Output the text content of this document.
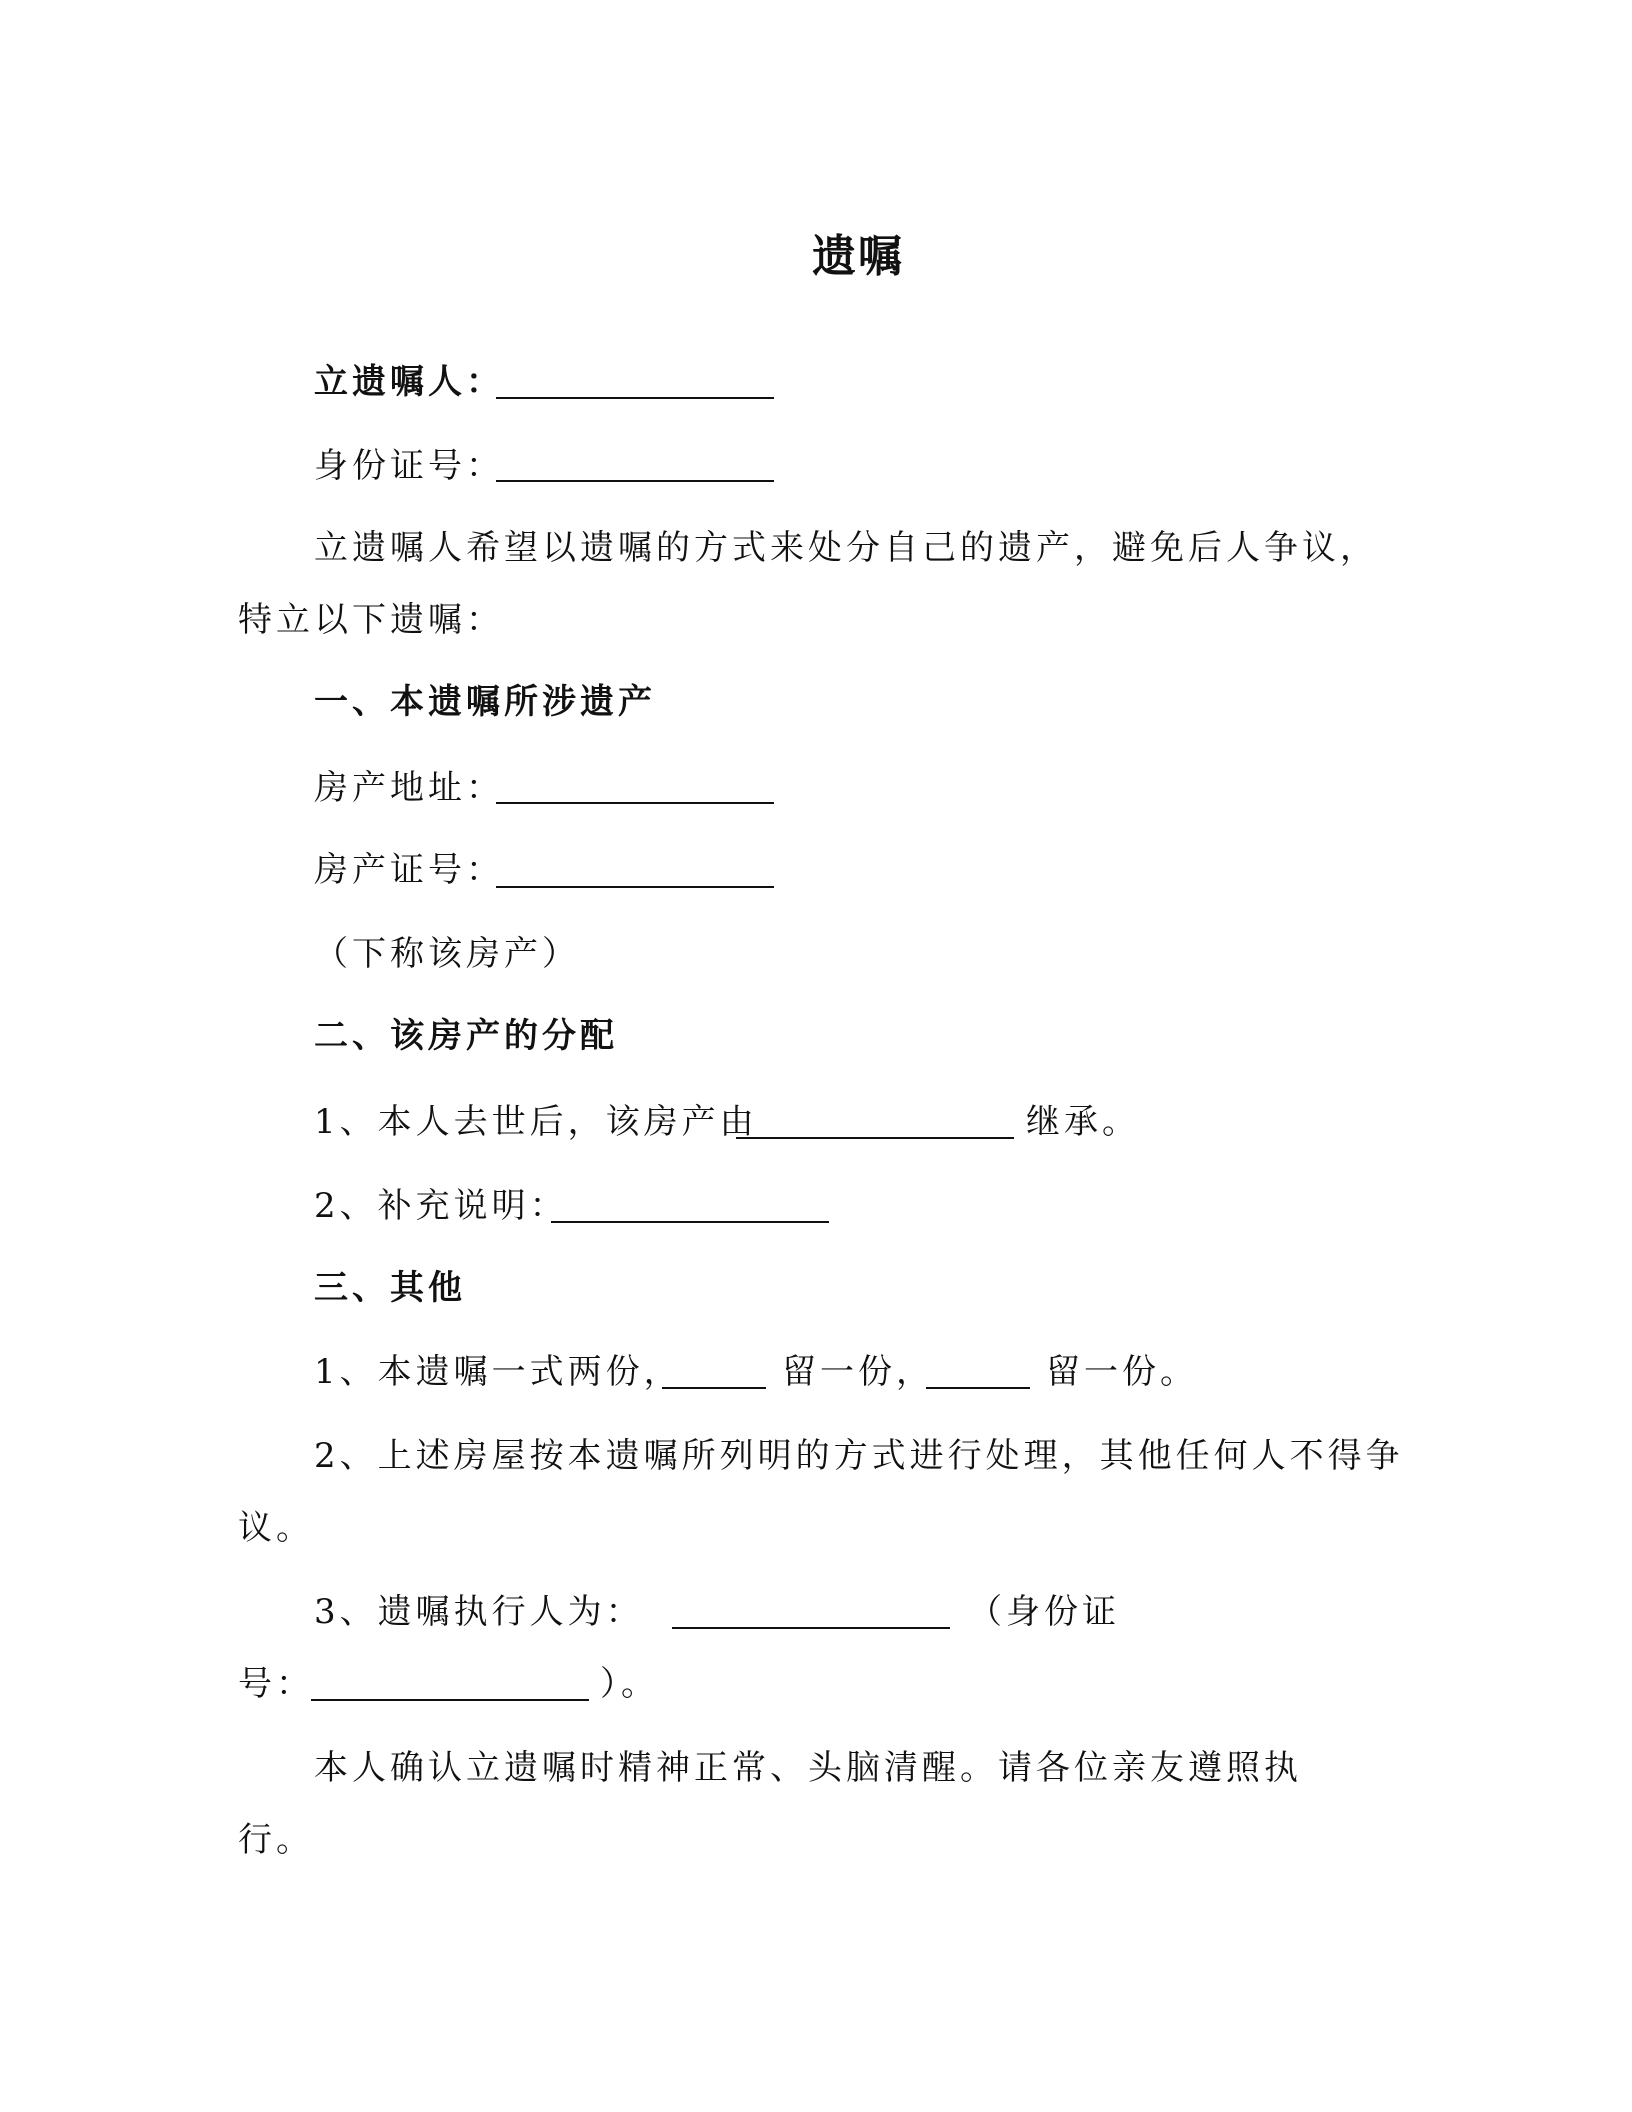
遗嘱
立遗嘱人：
身份证号：
立遗嘱人希望以遗嘱的方式来处分自己的遗产，避免后人争议，
特立以下遗嘱：
一、本遗嘱所涉遗产
房产地址：
房产证号：
（下称该房产）
二、该房产的分配
1、本人去世后，该房产由	继承。
2、补充说明：
三、其他
1、本遗嘱一式两份，	留一份，	留一份。
2、上述房屋按本遗嘱所列明的方式进行处理，其他任何人不得争
议。
3、遗嘱执行人为：	（身份证
号：	）。
本人确认立遗嘱时精神正常、头脑清醒。请各位亲友遵照执
行。
